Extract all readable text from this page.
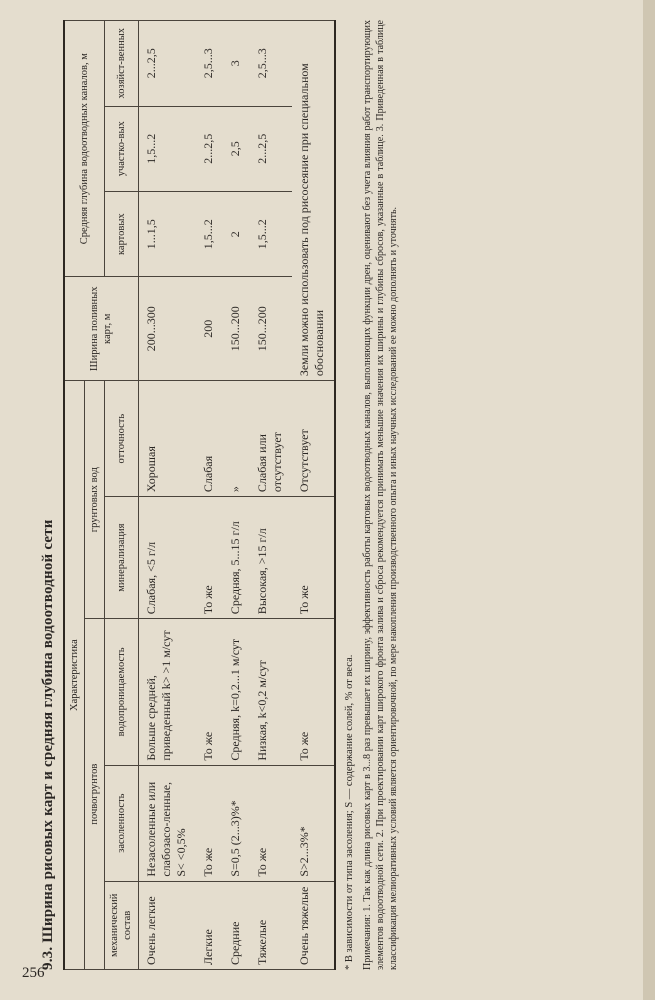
256
9.3. Ширина рисовых карт и средняя глубина водоотводной сети Характеристика					Ширина поливных карт, м	Средняя глубина водоотводных каналов, м		
почвогрунтов			грунтовых вод					
механический состав	засоленность	водопроницаемость	минерализация	отточность		картовых	участко-вых	хозяйст-венных
Очень легкие	Незасоленные или слабозасо-ленные, S< <0,5%	Больше средней, приведенный k> >1 м/сут	Слабая, <5 г/л	Хорошая	200...300	1...1,5	1,5...2	2...2,5
Легкие	То же	То же	То же	Слабая	200	1,5...2	2...2,5	2,5...3
Средние	S=0,5 (2...3)%*	Средняя, k=0,2...1 м/сут	Средняя, 5...15 г/л	»	150...200	2	2,5	3
Тяжелые	То же	Низкая, k<0,2 м/сут	Высокая, >15 г/л	Слабая или отсутствует	150...200	1,5...2	2...2,5	2,5...3
Очень тяжелые	S>2...3%*	То же	То же	Отсутствует	Земли можно использовать под рисосеяние при специальном обосновании			
* В зависимости от типа засоления; S — содержание солей, % от веса. Примечания: 1. Так как длина рисовых карт в 3...8 раз превышает их ширину, эффективность работы картовых водоотводных каналов, выполняющих функции дрен, оценивают без учета влияния работ транспортирующих элементов водоотводной сети. 2. При проектировании карт широкого фронта залива и сброса рекомендуется принимать меньшие значения их ширины и глубины сбросов, указанные в таблице. 3. Приведенная в таблице классификация мелиоративных условий является ориентировочной, по мере накопления производственного опыта и иных научных исследований ее можно дополнять и уточнять.
